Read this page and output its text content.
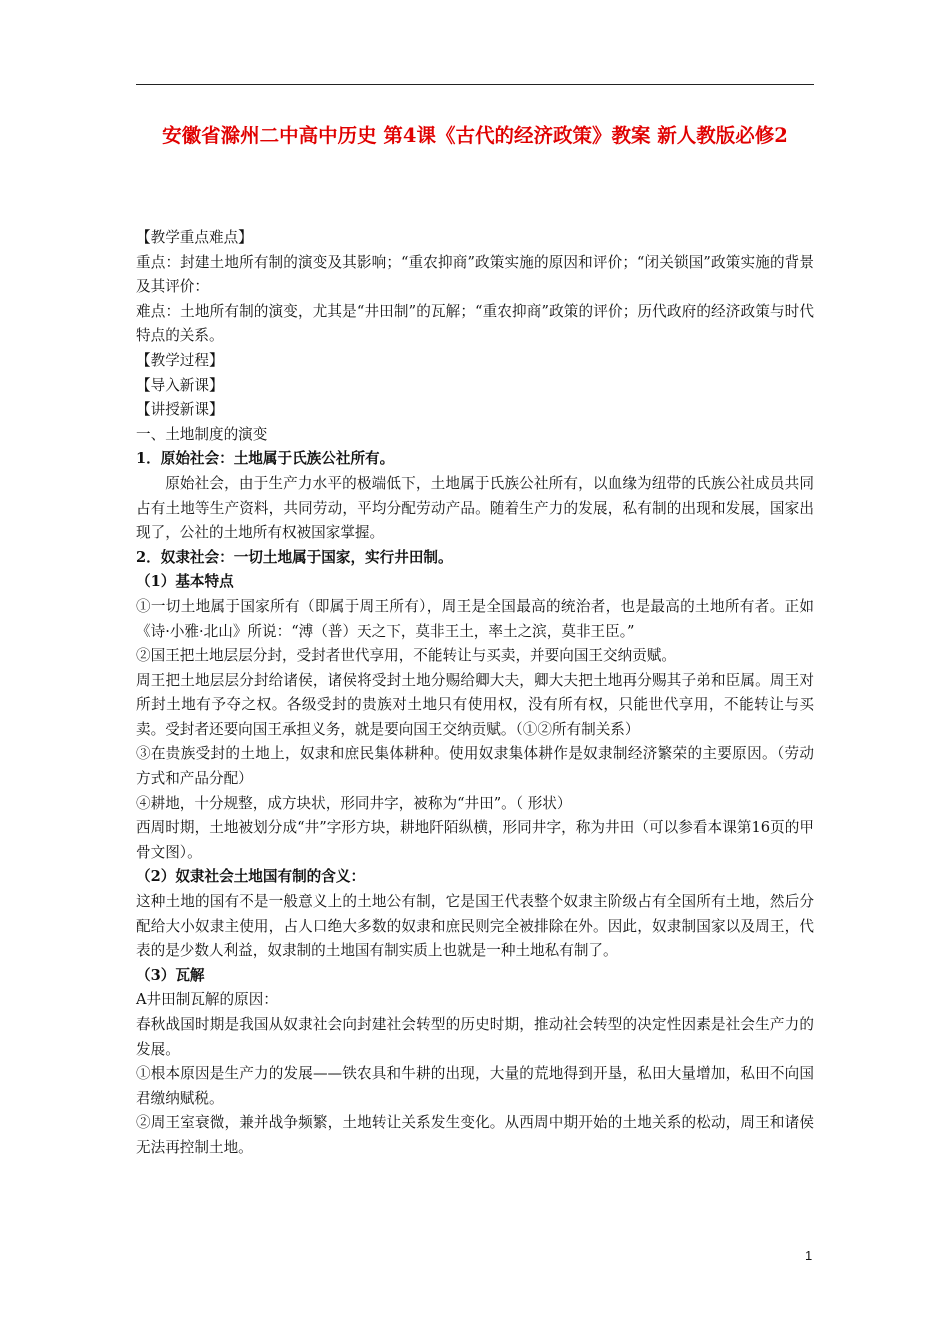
安徽省滁州二中高中历史 第4课《古代的经济政策》教案 新人教版必修2

【教学重点难点】

重点：封建土地所有制的演变及其影响；“重农抑商”政策实施的原因和评价；“闭关锁国”政策实施的背景及其评价：

难点：土地所有制的演变，尤其是“井田制”的瓦解；“重农抑商”政策的评价；历代政府的经济政策与时代特点的关系。

【教学过程】

【导入新课】

【讲授新课】

一、土地制度的演变

1．原始社会：土地属于氏族公社所有。

原始社会，由于生产力水平的极端低下，土地属于氏族公社所有，以血缘为纽带的氏族公社成员共同占有土地等生产资料，共同劳动，平均分配劳动产品。随着生产力的发展，私有制的出现和发展，国家出现了，公社的土地所有权被国家掌握。

2．奴隶社会：一切土地属于国家，实行井田制。

（1）基本特点

①一切土地属于国家所有（即属于周王所有），周王是全国最高的统治者，也是最高的土地所有者。正如《诗·小雅·北山》所说：“溥（普）天之下，莫非王土，率土之滨，莫非王臣。”

②国王把土地层层分封，受封者世代享用，不能转让与买卖，并要向国王交纳贡赋。

周王把土地层层分封给诸侯，诸侯将受封土地分赐给卿大夫，卿大夫把土地再分赐其子弟和臣属。周王对所封土地有予夺之权。各级受封的贵族对土地只有使用权，没有所有权，只能世代享用，不能转让与买卖。受封者还要向国王承担义务，就是要向国王交纳贡赋。（①②所有制关系）

③在贵族受封的土地上，奴隶和庶民集体耕种。使用奴隶集体耕作是奴隶制经济繁荣的主要原因。（劳动方式和产品分配）

④耕地，十分规整，成方块状，形同井字，被称为“井田”。（ 形状）

西周时期，土地被划分成“井”字形方块，耕地阡陌纵横，形同井字，称为井田（可以参看本课第16页的甲骨文图）。

（2）奴隶社会土地国有制的含义：

这种土地的国有不是一般意义上的土地公有制，它是国王代表整个奴隶主阶级占有全国所有土地，然后分配给大小奴隶主使用，占人口绝大多数的奴隶和庶民则完全被排除在外。因此，奴隶制国家以及周王，代表的是少数人利益，奴隶制的土地国有制实质上也就是一种土地私有制了。

（3）瓦解

A井田制瓦解的原因：

春秋战国时期是我国从奴隶社会向封建社会转型的历史时期，推动社会转型的决定性因素是社会生产力的发展。

①根本原因是生产力的发展——铁农具和牛耕的出现，大量的荒地得到开垦，私田大量增加，私田不向国君缴纳赋税。

②周王室衰微，兼并战争频繁，土地转让关系发生变化。从西周中期开始的土地关系的松动，周王和诸侯无法再控制土地。

1
